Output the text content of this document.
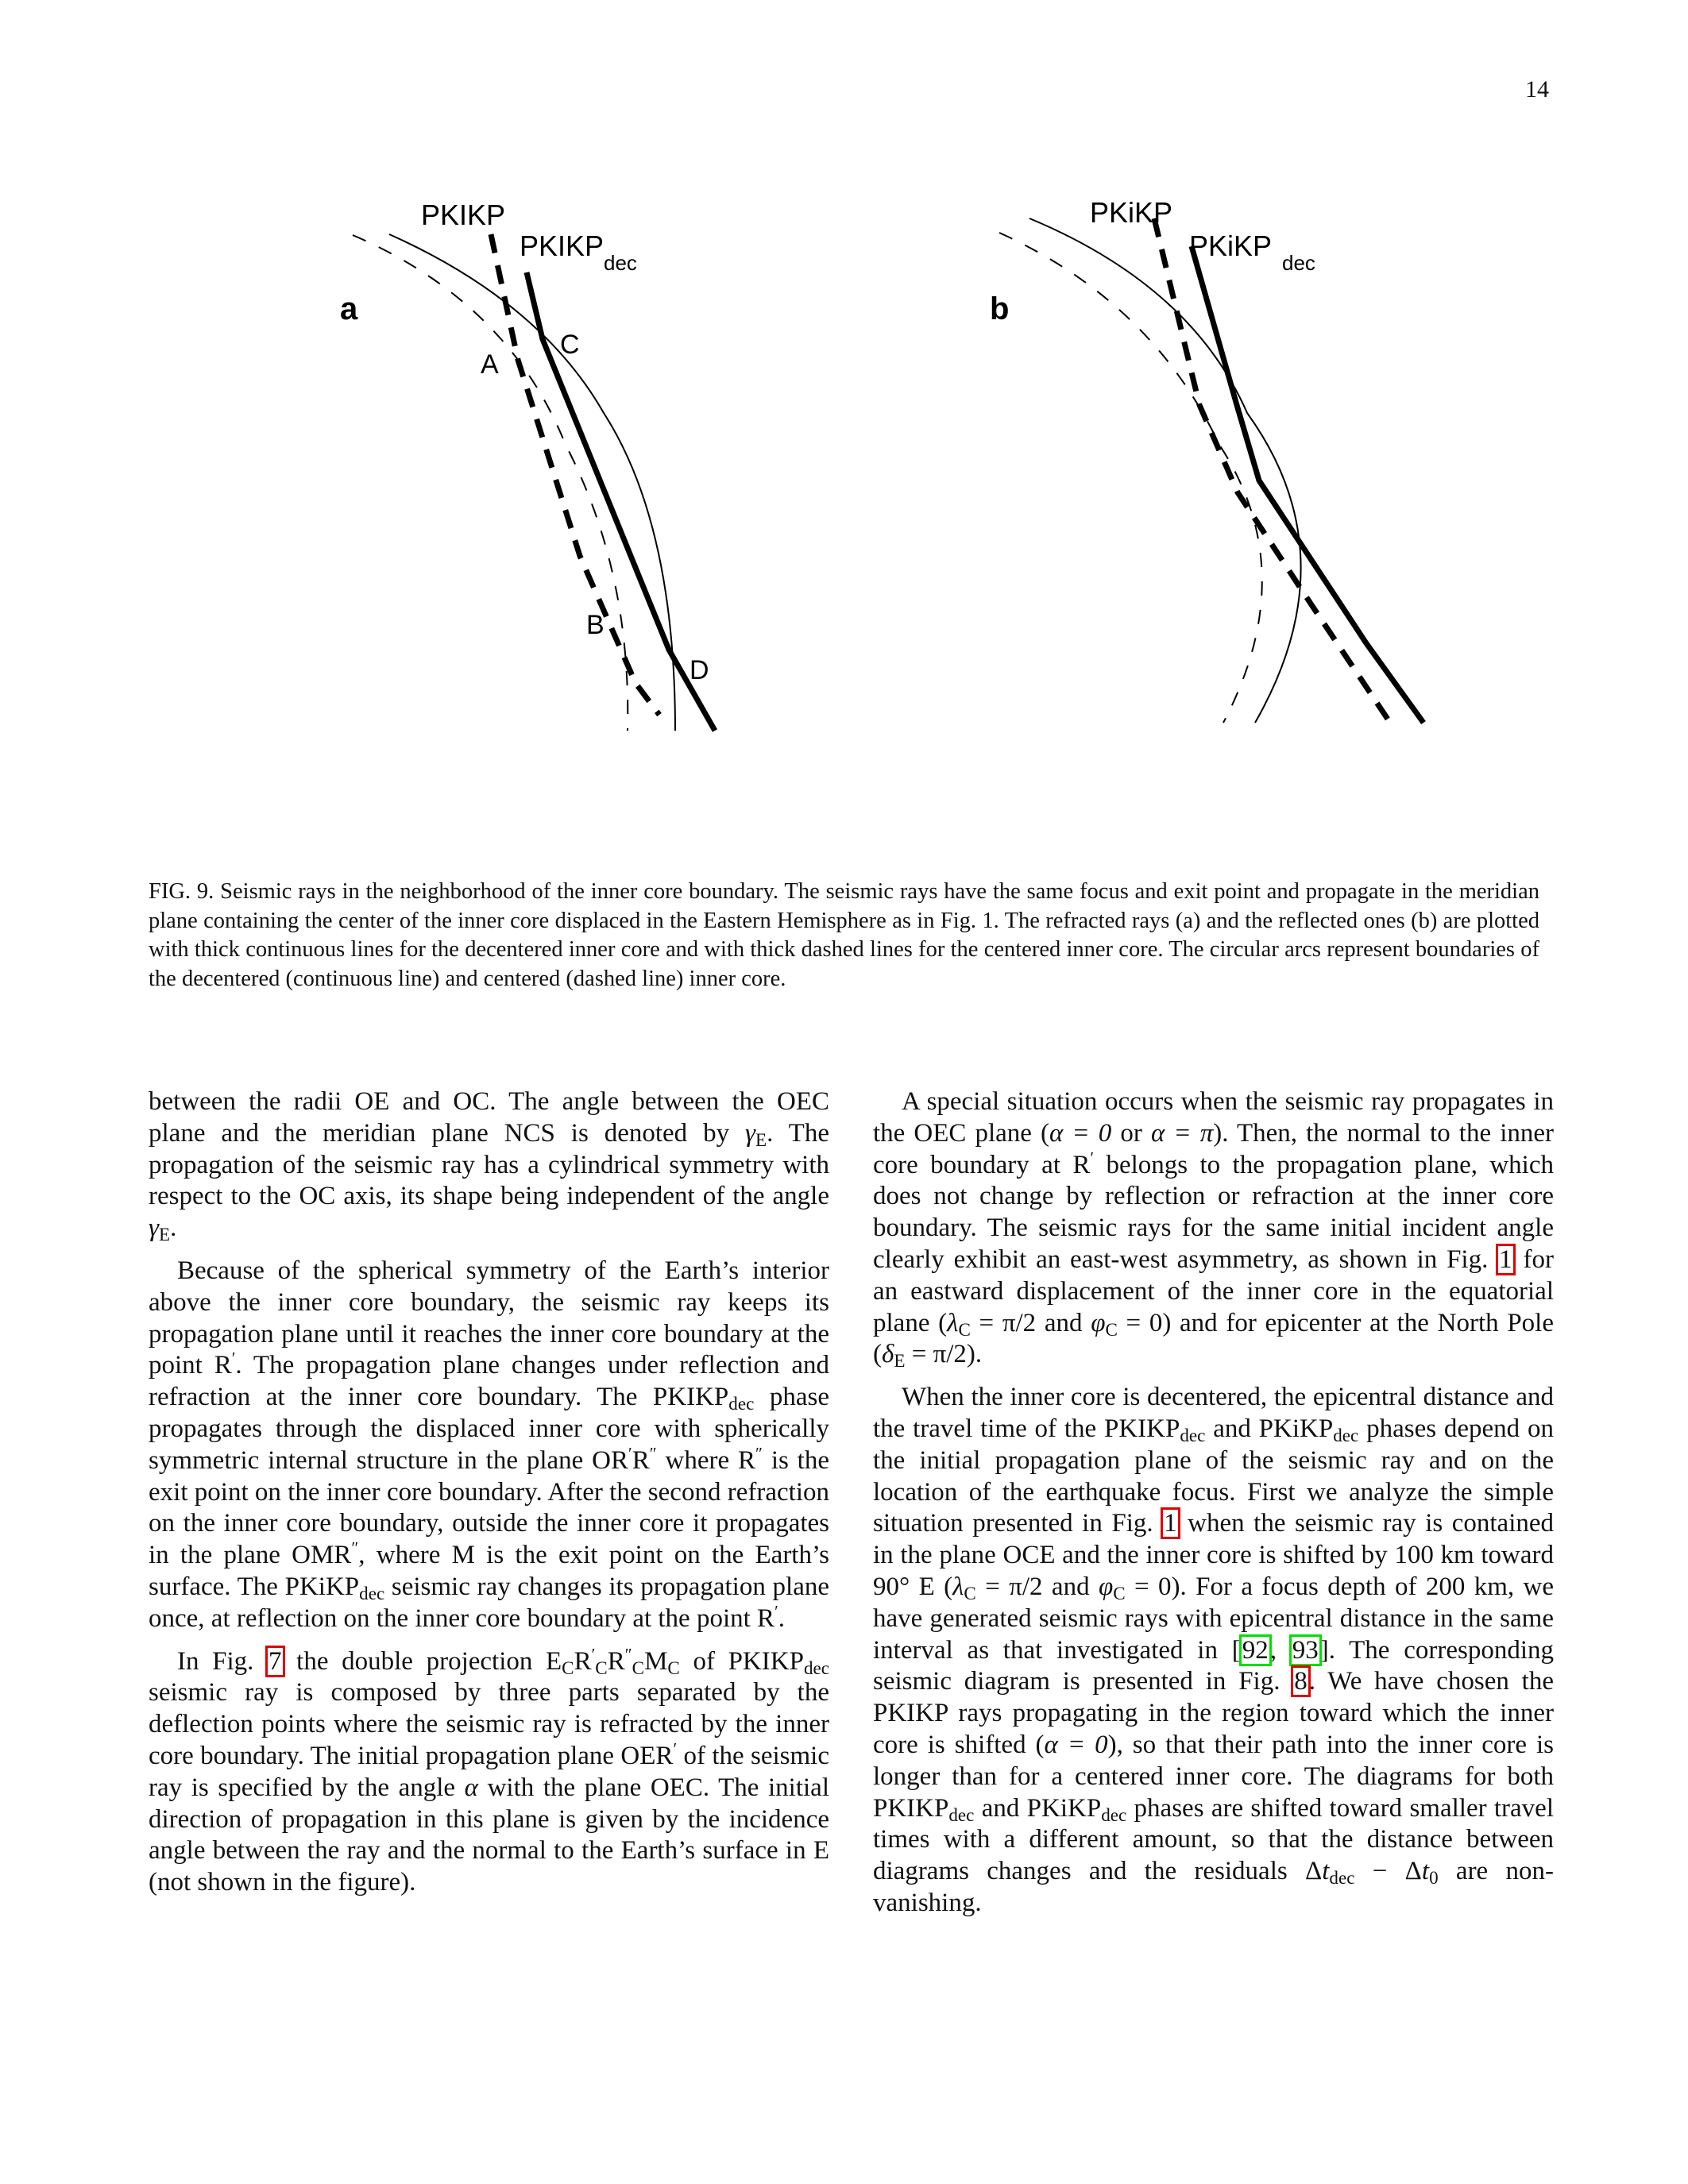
14
a
PKIKP
PKIKP
dec
A
B
C
D
b
PKiKP
PKiKP
dec
FIG. 9. Seismic rays in the neighborhood of the inner core boundary. The seismic rays have the same focus and exit point and propagate in the meridian plane containing the center of the inner core displaced in the Eastern Hemisphere as in Fig. 1. The refracted rays (a) and the reflected ones (b) are plotted with thick continuous lines for the decentered inner core and with thick dashed lines for the centered inner core. The circular arcs represent boundaries of the decentered (continuous line) and centered (dashed line) inner core.

between the radii OE and OC. The angle between the OEC plane and the meridian plane NCS is denoted by $\gamma_E$. The propagation of the seismic ray has a cylindrical symmetry with respect to the OC axis, its shape being independent of the angle $\gamma_E$.

Because of the spherical symmetry of the Earth’s interior above the inner core boundary, the seismic ray keeps its propagation plane until it reaches the inner core boundary at the point R′. The propagation plane changes under reflection and refraction at the inner core boundary. The $PKIKP_{dec}$ phase propagates through the displaced inner core with spherically symmetric internal structure in the plane OR′R″ where R″ is the exit point on the inner core boundary. After the second refraction on the inner core boundary, outside the inner core it propagates in the plane OMR″, where M is the exit point on the Earth’s surface. The PKiKP$_{dec}$ seismic ray changes its propagation plane once, at reflection on the inner core boundary at the point R′.

In Fig. 7 the double projection $E_CR'_CR''_CM_C$ of $PKIKP_{dec}$ seismic ray is composed by three parts separated by the deflection points where the seismic ray is refracted by the inner core boundary. The initial propagation plane OER′ of the seismic ray is specified by the angle α with the plane OEC. The initial direction of propagation in this plane is given by the incidence angle between the ray and the normal to the Earth’s surface in E (not shown in the figure).

A special situation occurs when the seismic ray propagates in the OEC plane (α = 0 or α = π). Then, the normal to the inner core boundary at R′ belongs to the propagation plane, which does not change by reflection or refraction at the inner core boundary. The seismic rays for the same initial incident angle clearly exhibit an east-west asymmetry, as shown in Fig. 1 for an eastward displacement of the inner core in the equatorial plane ($\lambda_C = \pi/2$ and $\varphi_C = 0$) and for epicenter at the North Pole $(\delta_E = \pi/2)$.

When the inner core is decentered, the epicentral distance and the travel time of the $PKIKP_{dec}$ and PKiKP$_{dec}$ phases depend on the initial propagation plane of the seismic ray and on the location of the earthquake focus. First we analyze the simple situation presented in Fig. 1 when the seismic ray is contained in the plane OCE and the inner core is shifted by 100 km toward 90° E ($\lambda_C = \pi/2$ and $\varphi_C = 0$). For a focus depth of 200 km, we have generated seismic rays with epicentral distance in the same interval as that investigated in [92, 93]. The corresponding seismic diagram is presented in Fig. 8. We have chosen the PKIKP rays propagating in the region toward which the inner core is shifted (α = 0), so that their path into the inner core is longer than for a centered inner core. The diagrams for both $PKIKP_{dec}$ and PKiKP$_{dec}$ phases are shifted toward smaller travel times with a different amount, so that the distance between diagrams changes and the residuals $\Delta t_{dec} - \Delta t_0$ are non-vanishing.
